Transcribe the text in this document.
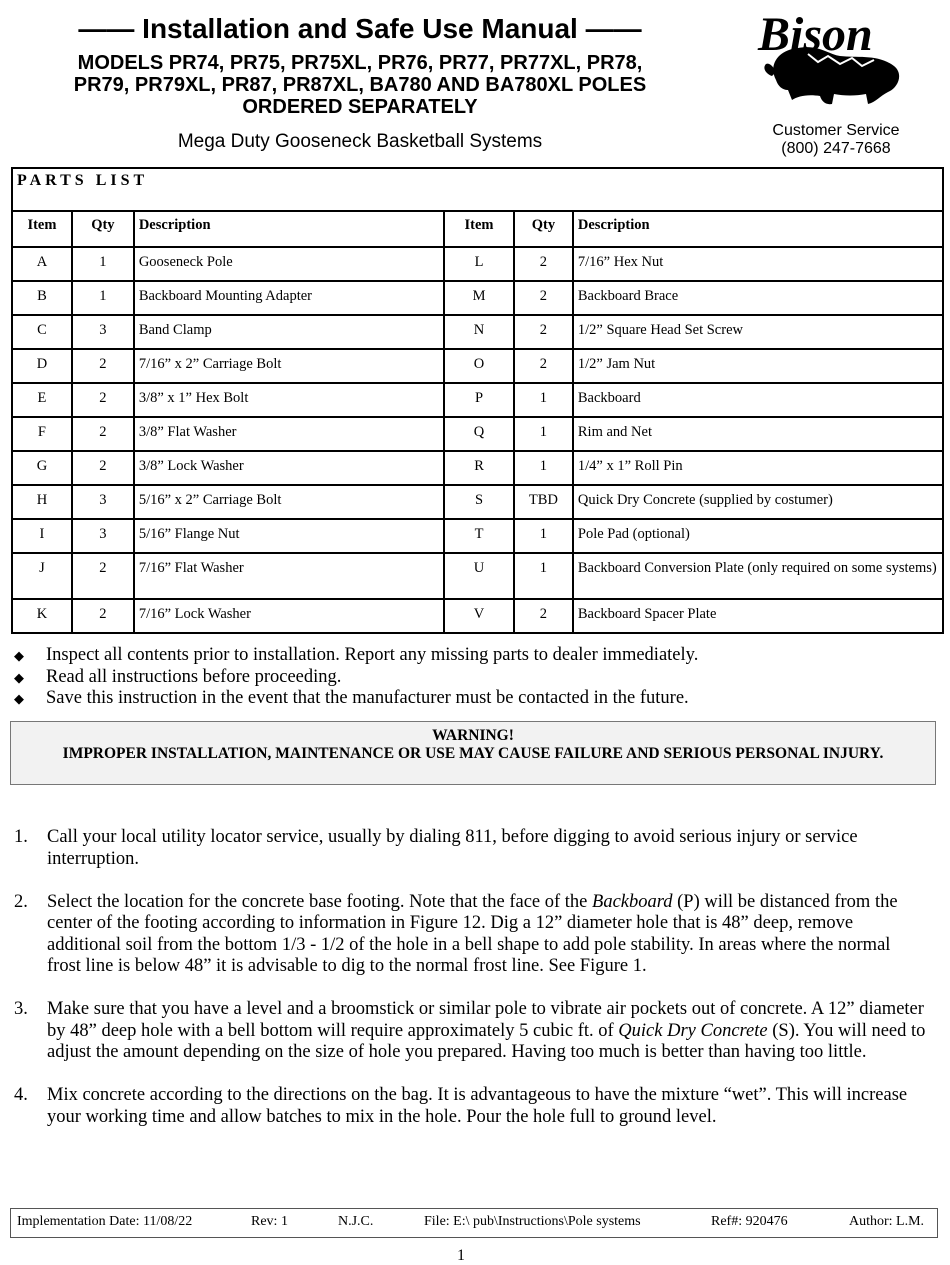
—— Installation and Safe Use Manual ——
MODELS PR74, PR75, PR75XL, PR76, PR77, PR77XL, PR78,
PR79, PR79XL, PR87, PR87XL, BA780 AND BA780XL POLES
ORDERED SEPARATELY
Mega Duty Gooseneck Basketball Systems
Bison
Customer Service
(800) 247-7668
PARTS LIST					
Item	Qty	Description	Item	Qty	Description
A	1	Gooseneck Pole	L	2	7/16” Hex Nut
B	1	Backboard Mounting Adapter	M	2	Backboard Brace
C	3	Band Clamp	N	2	1/2” Square Head Set Screw
D	2	7/16” x 2” Carriage Bolt	O	2	1/2” Jam Nut
E	2	3/8” x 1” Hex Bolt	P	1	Backboard
F	2	3/8” Flat Washer	Q	1	Rim and Net
G	2	3/8” Lock Washer	R	1	1/4” x 1” Roll Pin
H	3	5/16” x 2” Carriage Bolt	S	TBD	Quick Dry Concrete (supplied by costumer)
I	3	5/16” Flange Nut	T	1	Pole Pad (optional)
J	2	7/16” Flat Washer	U	1	Backboard Conversion Plate (only required on some systems)
K	2	7/16” Lock Washer	V	2	Backboard Spacer Plate
◆ Inspect all contents prior to installation. Report any missing parts to dealer immediately.
◆ Read all instructions before proceeding.
◆ Save this instruction in the event that the manufacturer must be contacted in the future.
WARNING!
IMPROPER INSTALLATION, MAINTENANCE OR USE MAY CAUSE FAILURE AND SERIOUS PERSONAL INJURY.
1. Call your local utility locator service, usually by dialing 811, before digging to avoid serious injury or service interruption.
2. Select the location for the concrete base footing. Note that the face of the Backboard (P) will be distanced from the center of the footing according to information in Figure 12. Dig a 12” diameter hole that is 48” deep, remove additional soil from the bottom 1/3 - 1/2 of the hole in a bell shape to add pole stability. In areas where the normal frost line is below 48” it is advisable to dig to the normal frost line. See Figure 1.
3. Make sure that you have a level and a broomstick or similar pole to vibrate air pockets out of concrete. A 12” diameter by 48” deep hole with a bell bottom will require approximately 5 cubic ft. of Quick Dry Concrete (S). You will need to adjust the amount depending on the size of hole you prepared. Having too much is better than having too little.
4. Mix concrete according to the directions on the bag. It is advantageous to have the mixture “wet”. This will increase your working time and allow batches to mix in the hole. Pour the hole full to ground level.
Implementation Date: 11/08/22	Rev: 1	N.J.C.	File: E:\ pub\Instructions\Pole systems	Ref#: 920476	Author: L.M.
1
